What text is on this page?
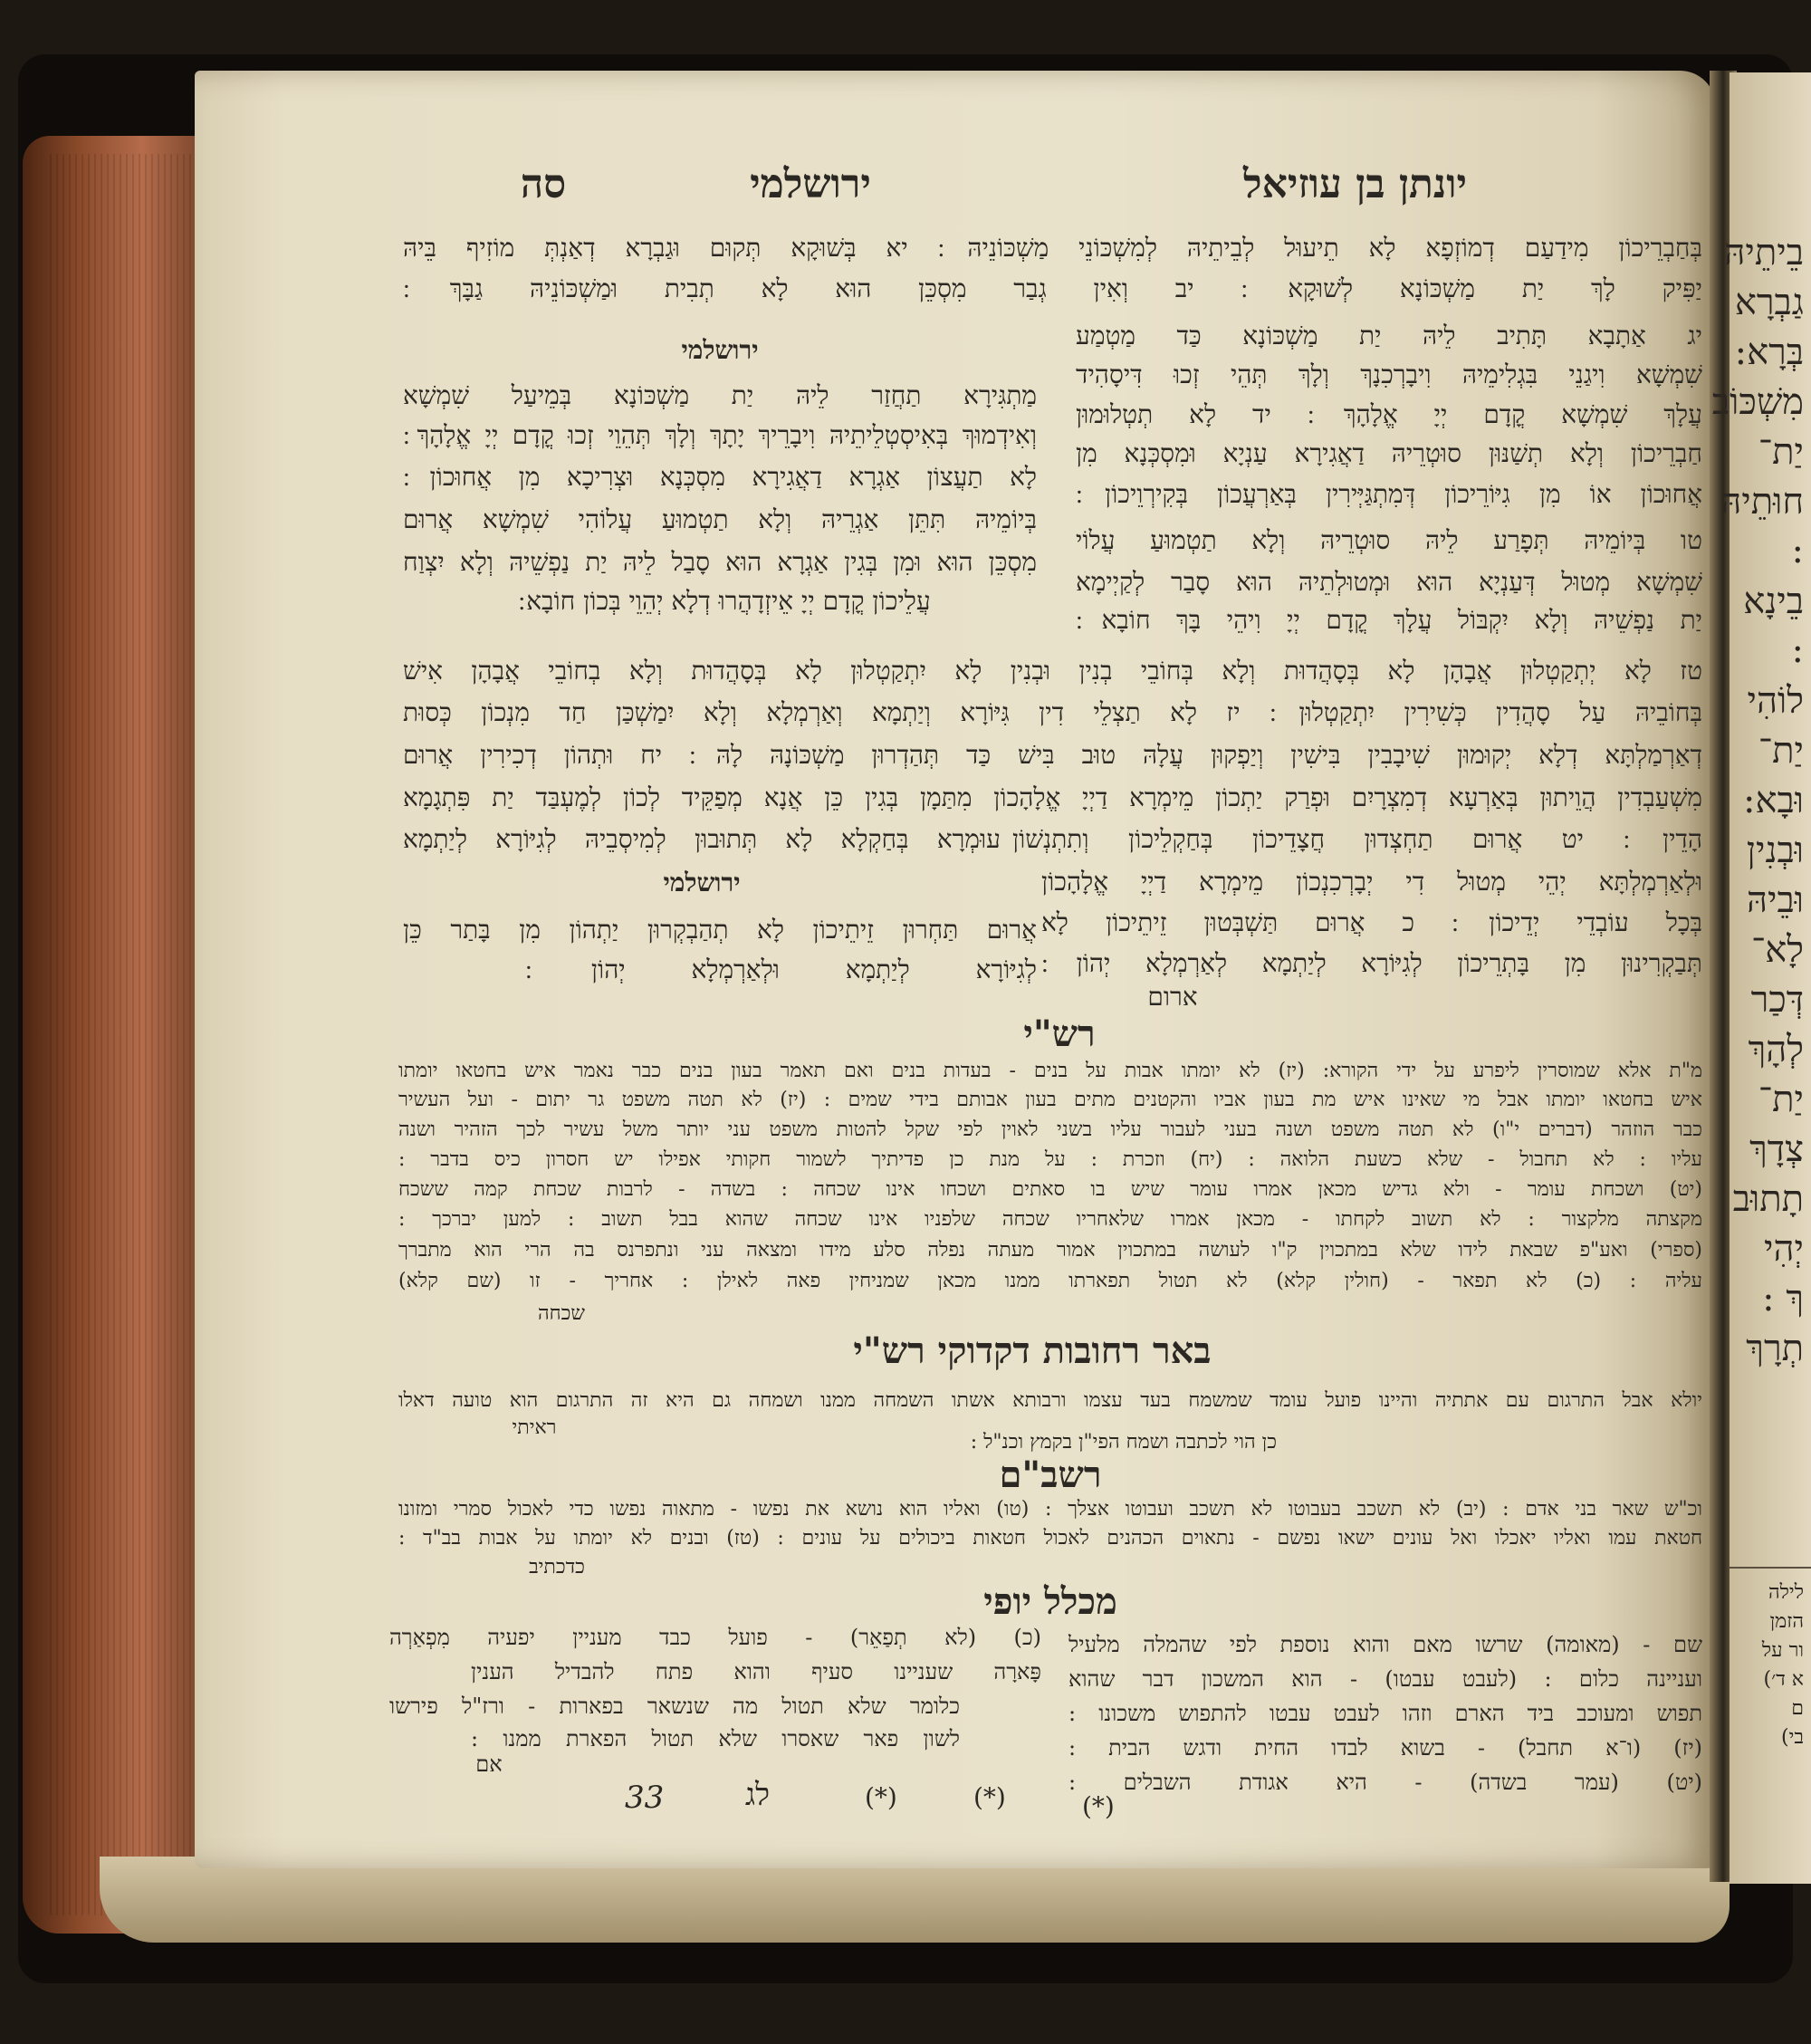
בֵיתֵיהּ
גַבְרָא
בְּרָא:
מִשְׁכּוֹב
יַת־
חוּתֵיהּ
:
בֵינָא
:
לוֹהִי
יַת־
וּבָא:
וּבְנִין
וּבֵיהּ
לָא־
דְּכַר
לְהָךְ
יַת־
צְדָךְ
תָתוּב
יְהִי
ךְ :
תְרָךְ
לילה
הזמן
ור על
א ד׳)
ם
בי)
יונתן בן עוזיאל
ירושלמי
סה
בְּחַבְרֵיכוֹן מִידַעַם דְמוֹזְפָא לָא תֵיעוּל לְבֵיתֵיהּ לְמִשְׁכּוֹנֵי מַשְׁכּוֹנֵיהּ ׃ יא בְּשׁוּקָא תְּקוּם וּגַבְרָא דְאַנְתְּ מוֹזִיף בֵּיהּ
יַפִּיק לָךְ יַת מַשְׁכּוֹנָא לְשׁוּקָא ׃ יב וְאִין גְבַר מִסְכֵּן הוּא לָא תְבִית וּמַשְׁכּוֹנֵיהּ גַבָּךְ ׃
יג אַתָבָא תָּתִיב לֵיהּ יַת מַשְׁכּוֹנָא כַּד מַטְמַע
שִׁמְשָׁא וִיגַנֵי בִּגְלִימֵיהּ וִיבָרְכִנָךְ וְלָךְ תְּהֵי זְכוּ דִּיסָהִיד
עֲלָךְ שִׁמְשָׁא קֳדָם יְיָ אֱלָהָךְ ׃ יד לָא תְטְלוּמוּן
חַבְרֵיכוֹן וְלָא תְשַׁנּוּן סוּטְרֵיהּ דַאֲגִירָא עַנְיָא וּמִסְכְּנָא מִן
אֲחוּכוֹן אוֹ מִן גִיּוֹרֵיכוֹן דְּמִתְגַּיְּירִין בְּאַרְעֲכוֹן בְּקִירְוֵיכוֹן ׃
טו בְּיוֹמֵיהּ תְּפָרַע לֵיהּ סוּטְרֵיהּ וְלָא תַטְמוּעַ עֲלוֹי
שִׁמְשָׁא מְטוּל דְּעַנְיָא הוּא וּמְטוּלְתֵיהּ הוּא סָבַר לְקַיְימָא
יַת נַפְשֵׁיהּ וְלָא יִקְבּוֹל עֲלָךְ קֳדָם יְיָ וִיהֵי בָּךְ חוֹבָא ׃
ירושלמי
מַתְגִּירָא תַחֲזַר לֵיהּ יַת מַשְׁכּוֹנָא בְּמֵיעַל שִׁמְשָׁא
וְאִידְמוּךְ בְּאִיסְטְלֵיתֵיהּ וִיבָרֵיךְ יָתָךְ וְלָךְ תְּהֵוֵי זְכוּ קֳדָם יְיָ אֱלָהָךְ ׃
לָא תַעֲצוֹן אַגְרָא דַאֲגִירָא מִסְכְּנָא וּצְרִיכָא מִן אֲחוּכוֹן ׃
בְּיוֹמֵיהּ תִּתֵּן אַגְרֵיהּ וְלָא תַטְמוּעַ עֲלוֹהִי שִׁמְשָׁא אֲרוּם
מִסְכֵּן הוּא וּמִן בְּגִין אַגְרָא הוּא סָבַל לֵיהּ יַת נַפְשֵׁיהּ וְלָא יִצְוַח
עֲלֵיכוֹן קֳדָם יְיָ אֵיזְדָהֲרוּ דְלָא יְהֵוֵי בְּכוֹן חוֹבָא ׃
טז לָא יְתְקַטְלוּן אֲבָהָן לָא בְּסָהֲדוּת וְלָא בְּחוֹבֵי בְנִין וּבְנִין לָא יִתְקַטְלוּן לָא בְּסָהֲדוּת וְלָא בְחוֹבֵי אֲבָהָן אִישׁ
בְּחוֹבֵיהּ עַל סָהֲדִין כְּשִׁירִין יִתְקַטְלוּן ׃ יז לָא תַצְלֵי דִין גִּיּוֹרָא וְיַתְמָא וְאַרְמְלָא וְלָא יִמַשְׁכַּן חַד מִנְכוֹן כְּסוּת
דְאַרְמַלְתָּא דְלָא יְקוּמוּן שִׁיבָבִין בִּישִׁין וְיַפְקוּן עֲלָהּ טוּב בִּישׁ כַּד תְּהַדְרוּן מַשְׁכּוֹנָהּ לָהּ ׃ יח וּתְהוֹן דְכִירִין אֲרוּם
מִשְׁעַבְדִין הֲוֵיתוּן בְּאַרְעָא דְמִצְרָיִם וּפְרַק יַתְכוֹן מֵימְרָא דַיְיָ אֱלָהָכוֹן מִתַּמָן בְּגִין כֵּן אֲנָא מְפַקֵּיד לְכוֹן לְמֶעְבַּד יַת פִּתְגָמָא
הָדֵין ׃ יט אֲרוּם תַחְצְדוּן חֲצָדֵיכוֹן בְּחַקְלֵיכוֹן וְתִתְנְשׁוֹן
עוּמְרָא בְּחַקְלָא לָא תְּתוּבוּן לְמִיסְבֵיהּ לְגִיּוֹרָא לְיַתְמָא
וּלְאַרְמְלְתָּא יְהֵי מְטוּל דִי יְבָרְכִנְכוֹן מֵימְרָא דַיְיָ אֱלָהָכוֹן
בְּכָל עוֹבְדֵי יְדֵיכוֹן ׃ כ אֲרוּם תַּשְׁבְּטוּן זֵיתֵיכוֹן לָא
תְּבַקְרִינוּן מִן בָּתְרֵיכוֹן לְגִיּוֹרָא לְיַתְמָא לְאַרְמְלָא יְהוֹן ׃
ארום
ירושלמי
אֲרוּם תַּחְרוּן זֵיתֵיכוֹן לָא תְהַבְקְרוּן יַתְהוֹן מִן בָּתַר כֵּן
לְגִיּוֹרָא לְיַתְמָא וּלְאַרְמְלָא יְהוֹן ׃
רש"י
מ"ת אלא שמוסרין ליפרע על ידי הקורא: (יז) לא יומתו אבות על בנים - בעדות בנים ואם תאמר בעון בנים כבר נאמר איש בחטאו יומתו
איש בחטאו יומתו אבל מי שאינו איש מת בעון אביו והקטנים מתים בעון אבותם בידי שמים : (יז) לא תטה משפט גר יתום - ועל העשיר
כבר הוזהר (דברים י"ו) לא תטה משפט ושנה בעני לעבור עליו בשני לאוין לפי שקל להטות משפט עני יותר משל עשיר לכך הזהיר ושנה
עליו : לא תחבול - שלא כשעת הלואה : (יח) וזכרת : על מנת כן פדיתיך לשמור חקותי אפילו יש חסרון כיס בדבר :
(יט) ושכחת עומר - ולא גדיש מכאן אמרו עומר שיש בו סאתים ושכחו אינו שכחה : בשדה - לרבות שכחת קמה ששכח
מקצתה מלקצור : לא תשוב לקחתו - מכאן אמרו שלאחריו שכחה שלפניו אינו שכחה שהוא בבל תשוב : למען יברכך :
(ספרי) ואע"פ שבאת לידו שלא במתכוין ק"ו לעושה במתכוין אמור מעתה נפלה סלע מידו ומצאה עני ונתפרנס בה הרי הוא מתברך
עליה : (כ) לא תפאר - (חולין קלא) לא תטול תפארתו ממנו מכאן שמניחין פאה לאילן : אחריך - זו (שם קלא)
שכחה
באר רחובות דקדוקי רש"י
יולא אבל התרגום עם אתתיה והיינו פועל עומד שמשמח בעד עצמו ורבותא אשתו השמחה ממנו ושמחה גם היא זה התרגום הוא טועה דאלו
כן הוי לכתבה ושמח הפי"ן בקמץ וכנ"ל :
ראיתי
רשב"ם
וכ"ש שאר בני אדם : (יב) לא תשכב בעבוטו לא תשכב ועבוטו אצלך : (טו) ואליו הוא נושא את נפשו - מתאוה נפשו כדי לאכול סמרי ומזונו
חטאת עמו ואליו יאכלו ואל עונים ישאו נפשם - נתאוים הכהנים לאכול חטאות ביכולים על עונים : (טז) ובנים לא יומתו על אבות בב"ד :
כדכתיב
מכלל יופי
שם - (מאומה) שרשו מאם והוא נוספת לפי שהמלה מלעיל
ועניינה כלום : (לעבט עבטו) - הוא המשכון דבר שהוא
תפוש ומעוכב ביד הארם וזהו לעבט עבטו להתפוש משכונו :
(יז) (ו־א תחבל) - בשוא לבדו החית ודגש הבית :
(יט) (עמר בשדה) - היא אגודת השבלים :
(כ) (לא תְפַאֵר) - פועל כבד מעניין יפעיה מִפְאַרְה
פָּארָה שעניינו סעיף והוא פתח להבדיל הענין
כלומר שלא תטול מה שנשאר בפארות - ורז"ל פירשו
לשון פאר שאסרו שלא תטול הפארת ממנו :
אם
33	לג	(*)	(*)	(*)
